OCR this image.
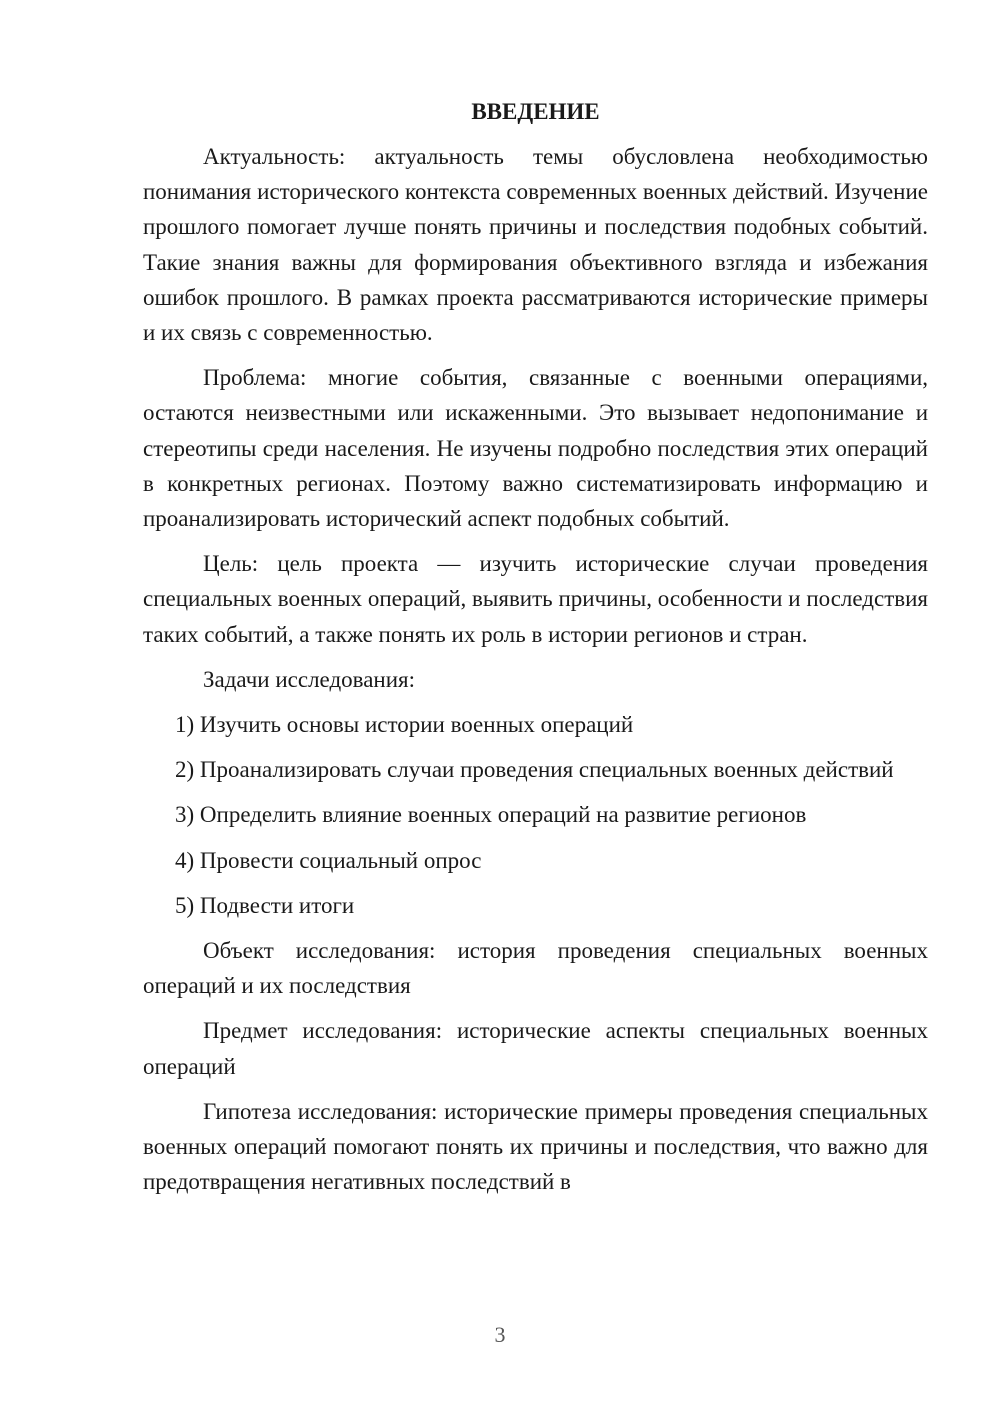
ВВЕДЕНИЕ

Актуальность: актуальность темы обусловлена необходимостью понимания исторического контекста современных военных действий. Изучение прошлого помогает лучше понять причины и последствия подобных событий. Такие знания важны для формирования объективного взгляда и избежания ошибок прошлого. В рамках проекта рассматриваются исторические примеры и их связь с современностью.

Проблема: многие события, связанные с военными операциями, остаются неизвестными или искаженными. Это вызывает недопонимание и стереотипы среди населения. Не изучены подробно последствия этих операций в конкретных регионах. Поэтому важно систематизировать информацию и проанализировать исторический аспект подобных событий.

Цель: цель проекта — изучить исторические случаи проведения специальных военных операций, выявить причины, особенности и последствия таких событий, а также понять их роль в истории регионов и стран.

Задачи исследования:

1) Изучить основы истории военных операций

2) Проанализировать случаи проведения специальных военных действий

3) Определить влияние военных операций на развитие регионов

4) Провести социальный опрос

5) Подвести итоги

Объект исследования: история проведения специальных военных операций и их последствия

Предмет исследования: исторические аспекты специальных военных операций

Гипотеза исследования: исторические примеры проведения специальных военных операций помогают понять их причины и последствия, что важно для предотвращения негативных последствий в

3
